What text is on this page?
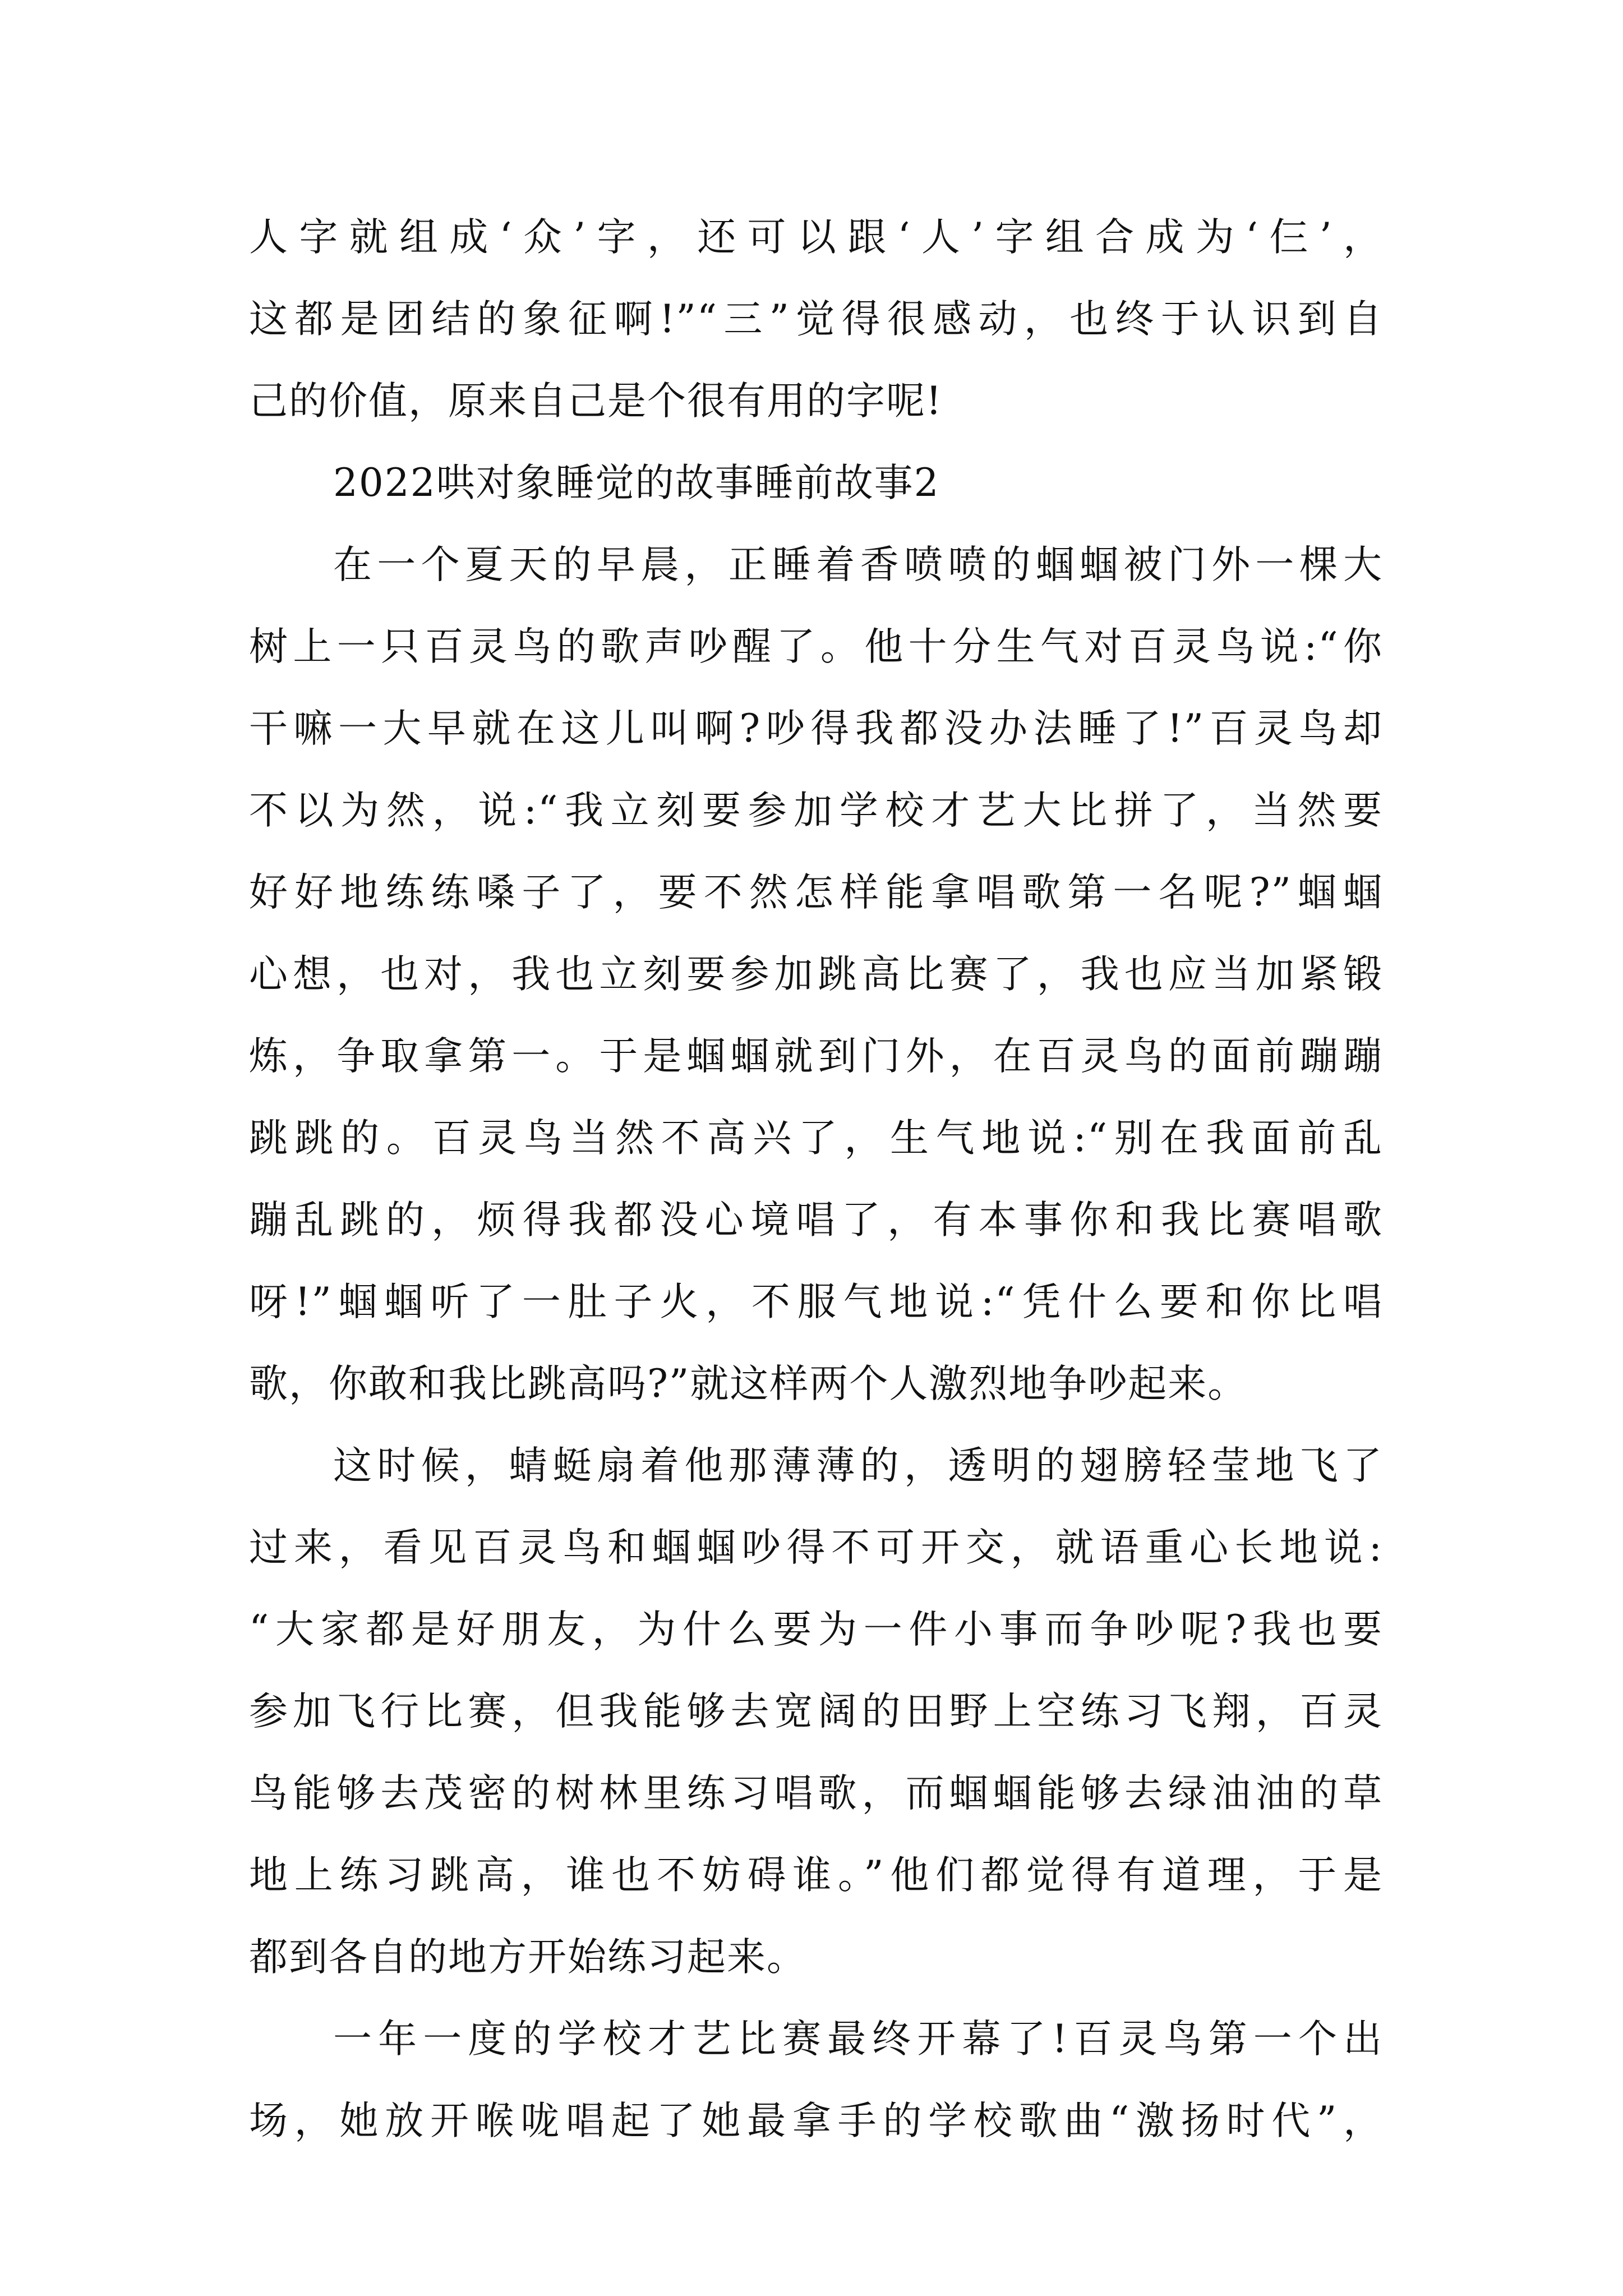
人字就组成‘众’字，还可以跟‘人’字组合成为‘仨’，
这都是团结的象征啊!”“三”觉得很感动，也终于认识到自
己的价值，原来自己是个很有用的字呢!

2022哄对象睡觉的故事睡前故事2

在一个夏天的早晨，正睡着香喷喷的蝈蝈被门外一棵大
树上一只百灵鸟的歌声吵醒了。他十分生气对百灵鸟说:“你
干嘛一大早就在这儿叫啊?吵得我都没办法睡了!”百灵鸟却
不以为然，说:“我立刻要参加学校才艺大比拼了，当然要
好好地练练嗓子了，要不然怎样能拿唱歌第一名呢?”蝈蝈
心想，也对，我也立刻要参加跳高比赛了，我也应当加紧锻
炼，争取拿第一。于是蝈蝈就到门外，在百灵鸟的面前蹦蹦
跳跳的。百灵鸟当然不高兴了，生气地说:“别在我面前乱
蹦乱跳的，烦得我都没心境唱了，有本事你和我比赛唱歌
呀!”蝈蝈听了一肚子火，不服气地说:“凭什么要和你比唱
歌，你敢和我比跳高吗?”就这样两个人激烈地争吵起来。

这时候，蜻蜓扇着他那薄薄的，透明的翅膀轻莹地飞了
过来，看见百灵鸟和蝈蝈吵得不可开交，就语重心长地说:
“大家都是好朋友，为什么要为一件小事而争吵呢?我也要
参加飞行比赛，但我能够去宽阔的田野上空练习飞翔，百灵
鸟能够去茂密的树林里练习唱歌，而蝈蝈能够去绿油油的草
地上练习跳高，谁也不妨碍谁。”他们都觉得有道理，于是
都到各自的地方开始练习起来。

一年一度的学校才艺比赛最终开幕了!百灵鸟第一个出
场，她放开喉咙唱起了她最拿手的学校歌曲“激扬时代”，
